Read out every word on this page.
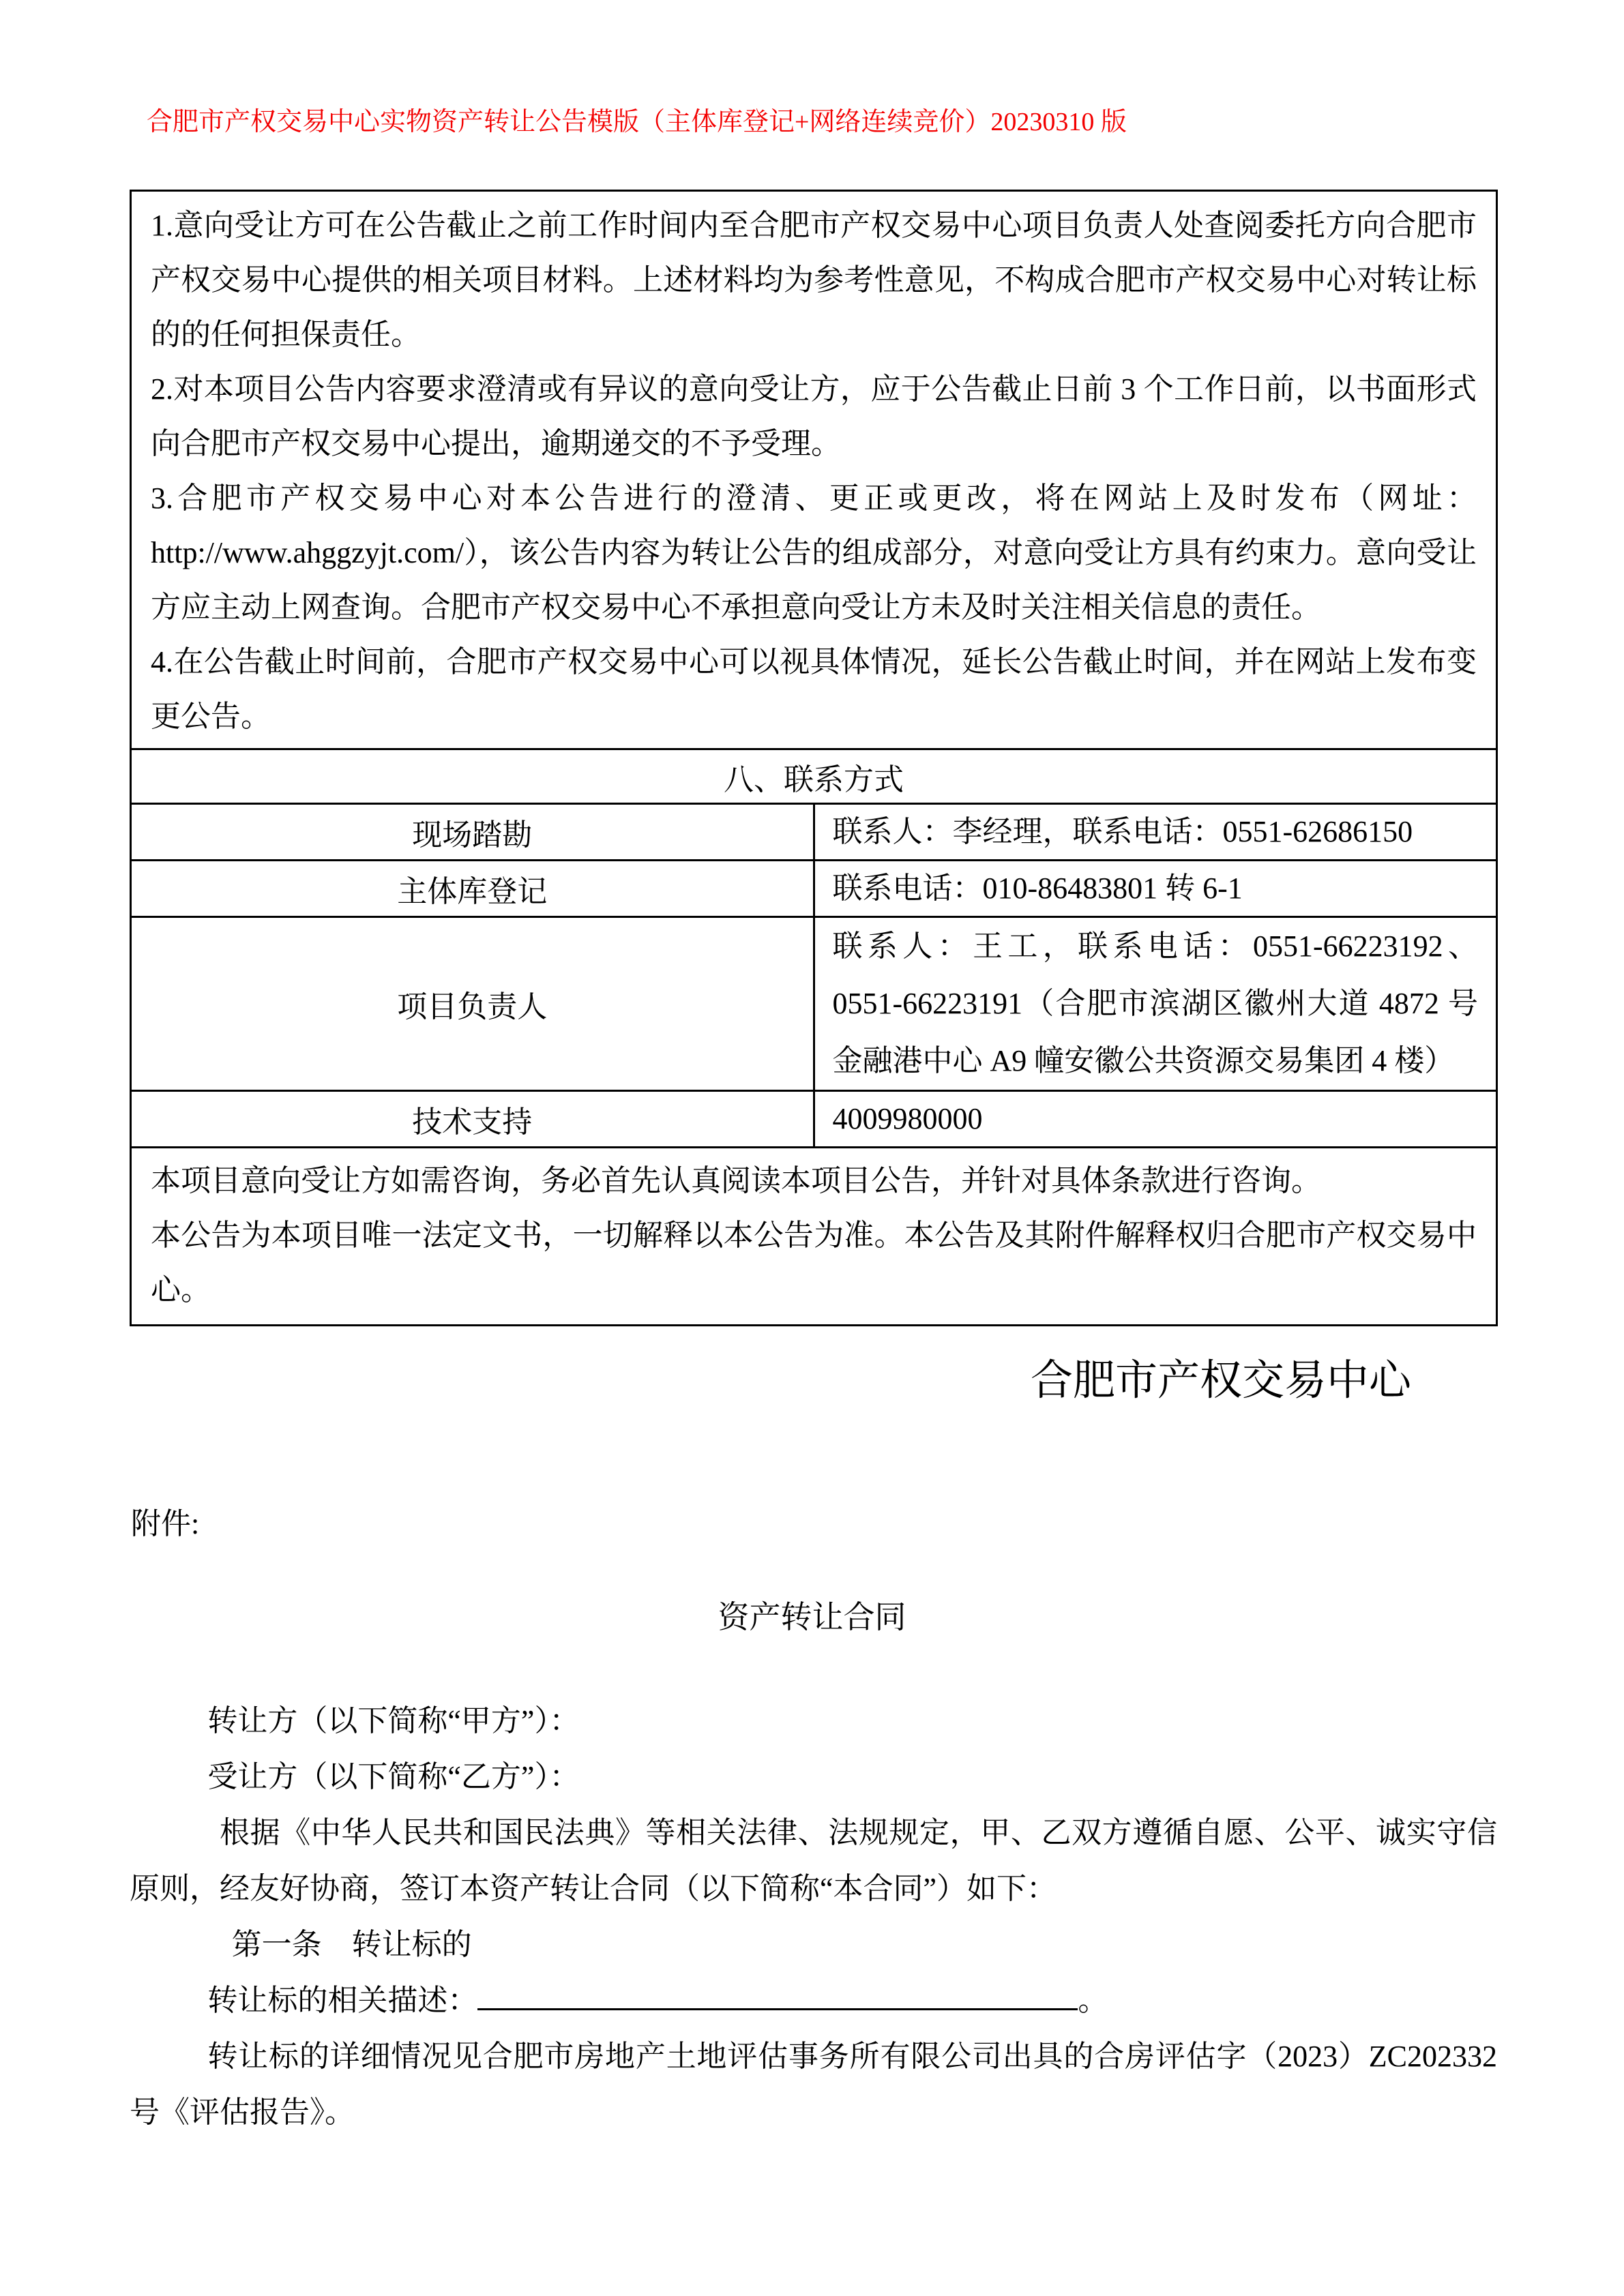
合肥市产权交易中心实物资产转让公告模版（主体库登记+网络连续竞价）20230310 版

1.意向受让方可在公告截止之前工作时间内至合肥市产权交易中心项目负责人处查阅委托方向合肥市产权交易中心提供的相关项目材料。上述材料均为参考性意见，不构成合肥市产权交易中心对转让标的的任何担保责任。

2.对本项目公告内容要求澄清或有异议的意向受让方，应于公告截止日前 3 个工作日前，以书面形式向合肥市产权交易中心提出，逾期递交的不予受理。

3.合肥市产权交易中心对本公告进行的澄清、更正或更改，将在网站上及时发布（网址：http://www.ahggzyjt.com/），该公告内容为转让公告的组成部分，对意向受让方具有约束力。意向受让方应主动上网查询。合肥市产权交易中心不承担意向受让方未及时关注相关信息的责任。

4.在公告截止时间前，合肥市产权交易中心可以视具体情况，延长公告截止时间，并在网站上发布变更公告。	

八、联系方式	
现场踏勘	联系人：李经理，联系电话：0551-62686150
主体库登记	联系电话：010-86483801 转 6-1
项目负责人	联系人：王工，联系电话：0551-66223192、0551-66223191（合肥市滨湖区徽州大道 4872 号金融港中心 A9 幢安徽公共资源交易集团 4 楼）
技术支持	4009980000

本项目意向受让方如需咨询，务必首先认真阅读本项目公告，并针对具体条款进行咨询。

本公告为本项目唯一法定文书，一切解释以本公告为准。本公告及其附件解释权归合肥市产权交易中心。	

合肥市产权交易中心
附件:
资产转让合同

转让方（以下简称“甲方”）：

受让方（以下简称“乙方”）：

根据《中华人民共和国民法典》等相关法律、法规规定，甲、乙双方遵循自愿、公平、诚实守信原则，经友好协商，签订本资产转让合同（以下简称“本合同”）如下：

第一条　转让标的

转让标的相关描述：	。

转让标的详细情况见合肥市房地产土地评估事务所有限公司出具的合房评估字（2023）ZC202332 号《评估报告》。
